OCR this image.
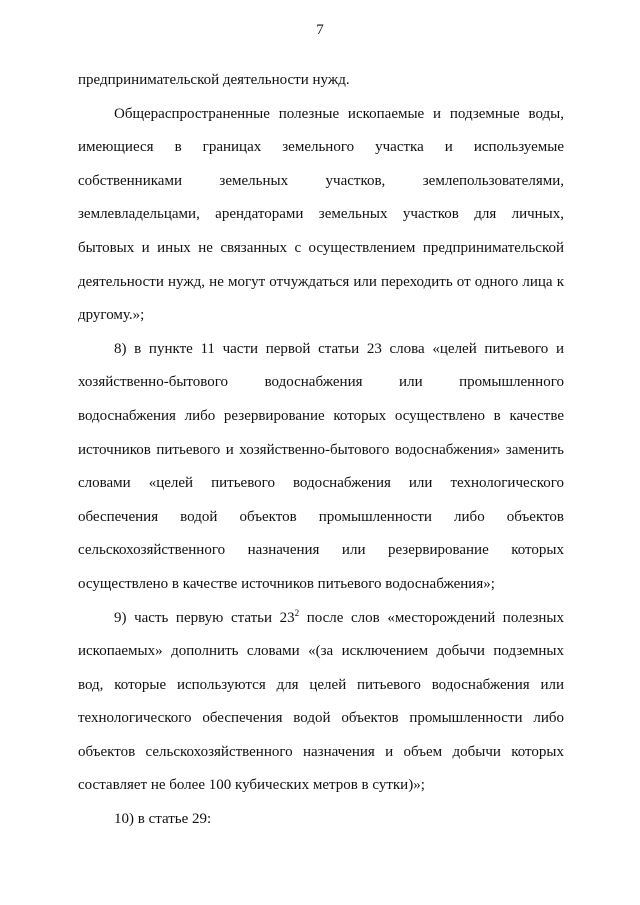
7
предпринимательской деятельности нужд.
Общераспространенные полезные ископаемые и подземные воды,
имеющиеся в границах земельного участка и используемые
собственниками земельных участков, землепользователями,
землевладельцами, арендаторами земельных участков для личных,
бытовых и иных не связанных с осуществлением предпринимательской
деятельности нужд, не могут отчуждаться или переходить от одного лица к
другому.»;
8) в пункте 11 части первой статьи 23 слова «целей питьевого и
хозяйственно-бытового водоснабжения или промышленного
водоснабжения либо резервирование которых осуществлено в качестве
источников питьевого и хозяйственно-бытового водоснабжения» заменить
словами «целей питьевого водоснабжения или технологического
обеспечения водой объектов промышленности либо объектов
сельскохозяйственного назначения или резервирование которых
осуществлено в качестве источников питьевого водоснабжения»;
9) часть первую статьи $23^2$ после слов «месторождений полезных
ископаемых» дополнить словами «(за исключением добычи подземных
вод, которые используются для целей питьевого водоснабжения или
технологического обеспечения водой объектов промышленности либо
объектов сельскохозяйственного назначения и объем добычи которых
составляет не более 100 кубических метров в сутки)»;
10) в статье 29:
